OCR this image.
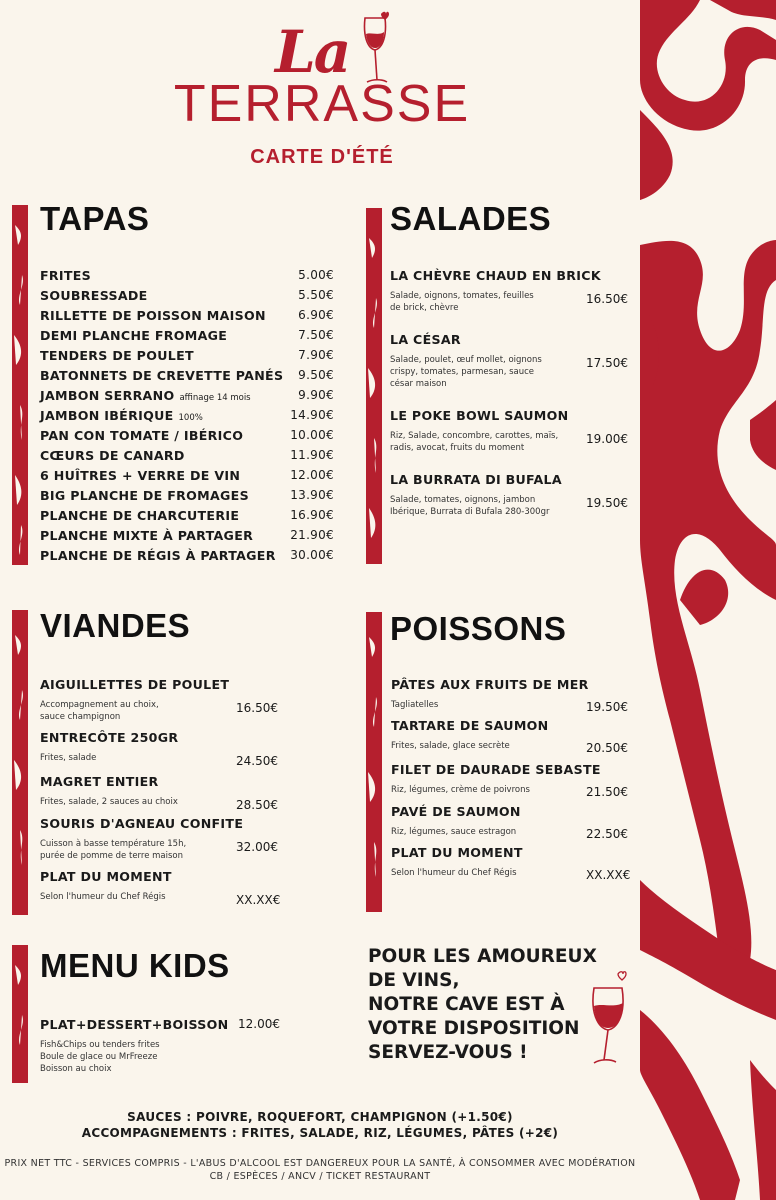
La
TERRASSE
CARTE D'ÉTÉ
TAPAS
FRITES	5.00€
SOUBRESSADE	5.50€
RILLETTE DE POISSON MAISON	6.90€
DEMI PLANCHE FROMAGE	7.50€
TENDERS DE POULET	7.90€
BATONNETS DE CREVETTE PANÉS 9.50€
JAMBON SERRANO affinage 14 mois	9.90€
JAMBON IBÉRIQUE 100%	14.90€
PAN CON TOMATE / IBÉRICO	10.00€
CŒURS DE CANARD	11.90€
6 HUÎTRES + VERRE DE VIN	12.00€
BIG PLANCHE DE FROMAGES	13.90€
PLANCHE DE CHARCUTERIE	16.90€
PLANCHE MIXTE À PARTAGER	21.90€
PLANCHE DE RÉGIS À PARTAGER 30.00€
SALADES
LA CHÈVRE CHAUD EN BRICK
Salade, oignons, tomates, feuilles
de brick, chèvre
16.50€
LA CÉSAR
Salade, poulet, œuf mollet, oignons
crispy, tomates, parmesan, sauce
césar maison
17.50€
LE POKE BOWL SAUMON
Riz, Salade, concombre, carottes, maïs,
radis, avocat, fruits du moment
19.00€
LA BURRATA DI BUFALA
Salade, tomates, oignons, jambon
Ibérique, Burrata di Bufala 280-300gr
19.50€
VIANDES
AIGUILLETTES DE POULET
Accompagnement au choix,
sauce champignon
16.50€
ENTRECÔTE 250GR
Frites, salade	24.50€
MAGRET ENTIER
Frites, salade, 2 sauces au choix	28.50€
SOURIS D'AGNEAU CONFITE
Cuisson à basse température 15h,
purée de pomme de terre maison
32.00€
PLAT DU MOMENT
Selon l'humeur du Chef Régis	XX.XX€
POISSONS
PÂTES AUX FRUITS DE MER
Tagliatelles	19.50€
TARTARE DE SAUMON
Frites, salade, glace secrète	20.50€
FILET DE DAURADE SEBASTE
Riz, légumes, crème de poivrons	21.50€
PAVÉ DE SAUMON
Riz, légumes, sauce estragon	22.50€
PLAT DU MOMENT
Selon l'humeur du Chef Régis	XX.XX€
MENU KIDS
PLAT+DESSERT+BOISSON 12.00€
Fish&Chips ou tenders frites
Boule de glace ou MrFreeze
Boisson au choix
POUR LES AMOUREUX
DE VINS,
NOTRE CAVE EST À
VOTRE DISPOSITION
SERVEZ-VOUS !
SAUCES : POIVRE, ROQUEFORT, CHAMPIGNON (+1.50€)
ACCOMPAGNEMENTS : FRITES, SALADE, RIZ, LÉGUMES, PÂTES (+2€)
PRIX NET TTC - SERVICES COMPRIS - L'ABUS D'ALCOOL EST DANGEREUX POUR LA SANTÉ, À CONSOMMER AVEC MODÉRATION
CB / ESPÈCES / ANCV / TICKET RESTAURANT
